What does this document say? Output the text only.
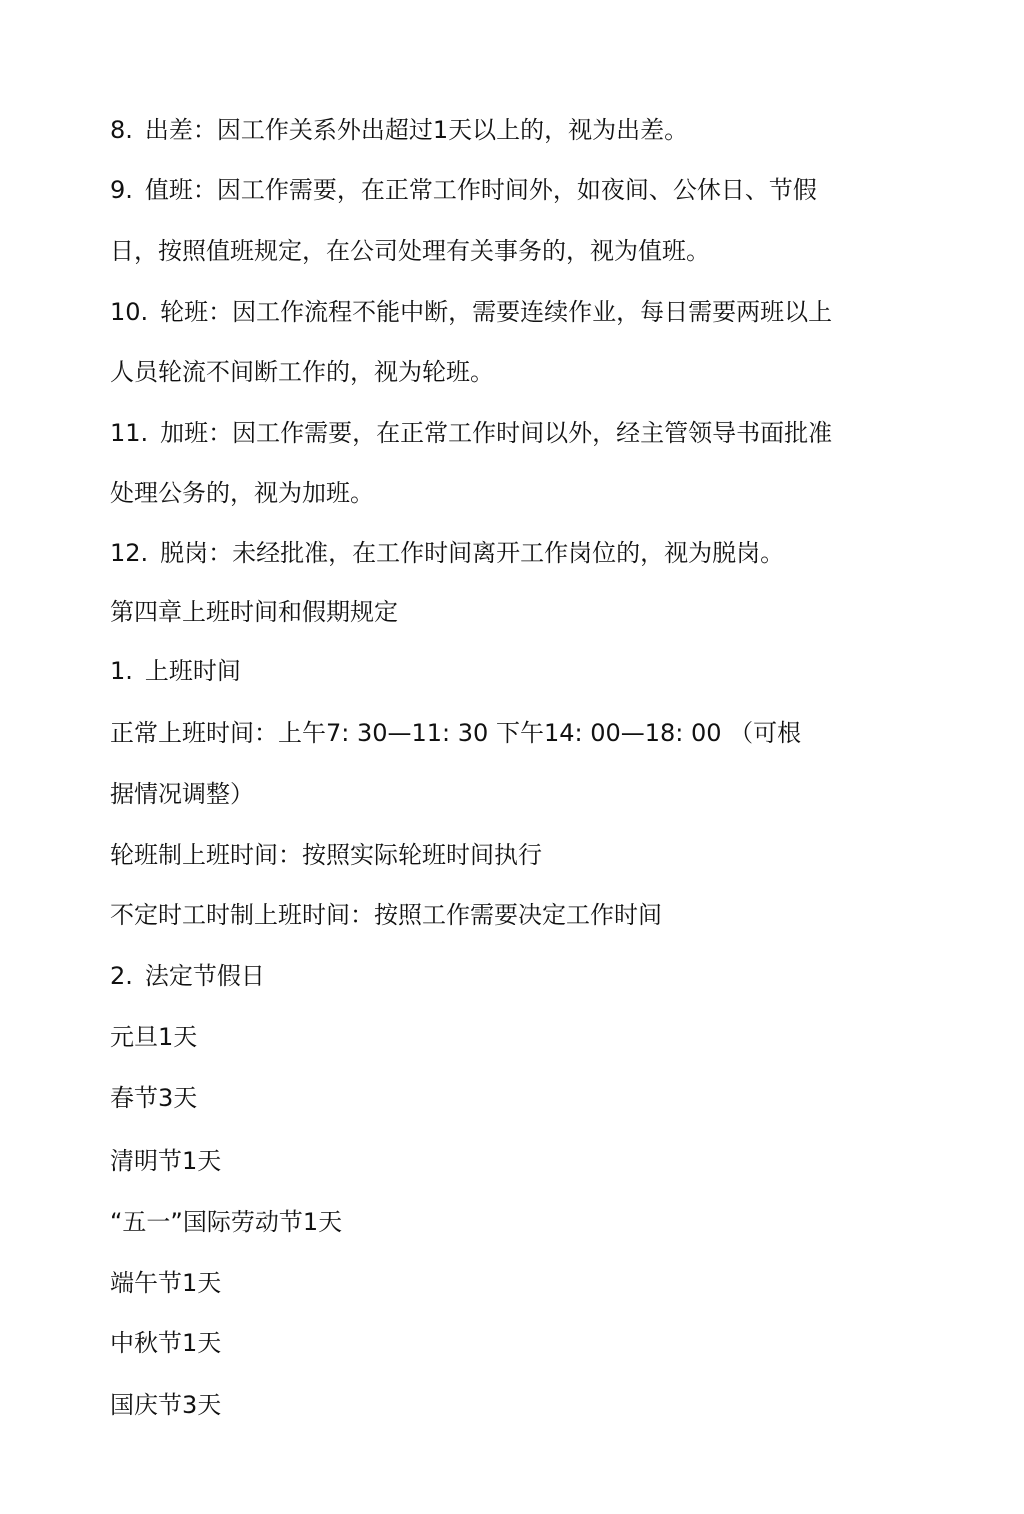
8. 出差：因工作关系外出超过1天以上的，视为出差。

9. 值班：因工作需要，在正常工作时间外，如夜间、公休日、节假

日，按照值班规定，在公司处理有关事务的，视为值班。

10. 轮班：因工作流程不能中断，需要连续作业，每日需要两班以上

人员轮流不间断工作的，视为轮班。

11. 加班：因工作需要，在正常工作时间以外，经主管领导书面批准

处理公务的，视为加班。

12. 脱岗：未经批准，在工作时间离开工作岗位的，视为脱岗。

第四章上班时间和假期规定

1. 上班时间

正常上班时间：上午7: 30—11: 30 下午14: 00—18: 00 （可根

据情况调整）

轮班制上班时间：按照实际轮班时间执行

不定时工时制上班时间：按照工作需要决定工作时间

2. 法定节假日

元旦1天

春节3天

清明节1天

“五一”国际劳动节1天

端午节1天

中秋节1天

国庆节3天
